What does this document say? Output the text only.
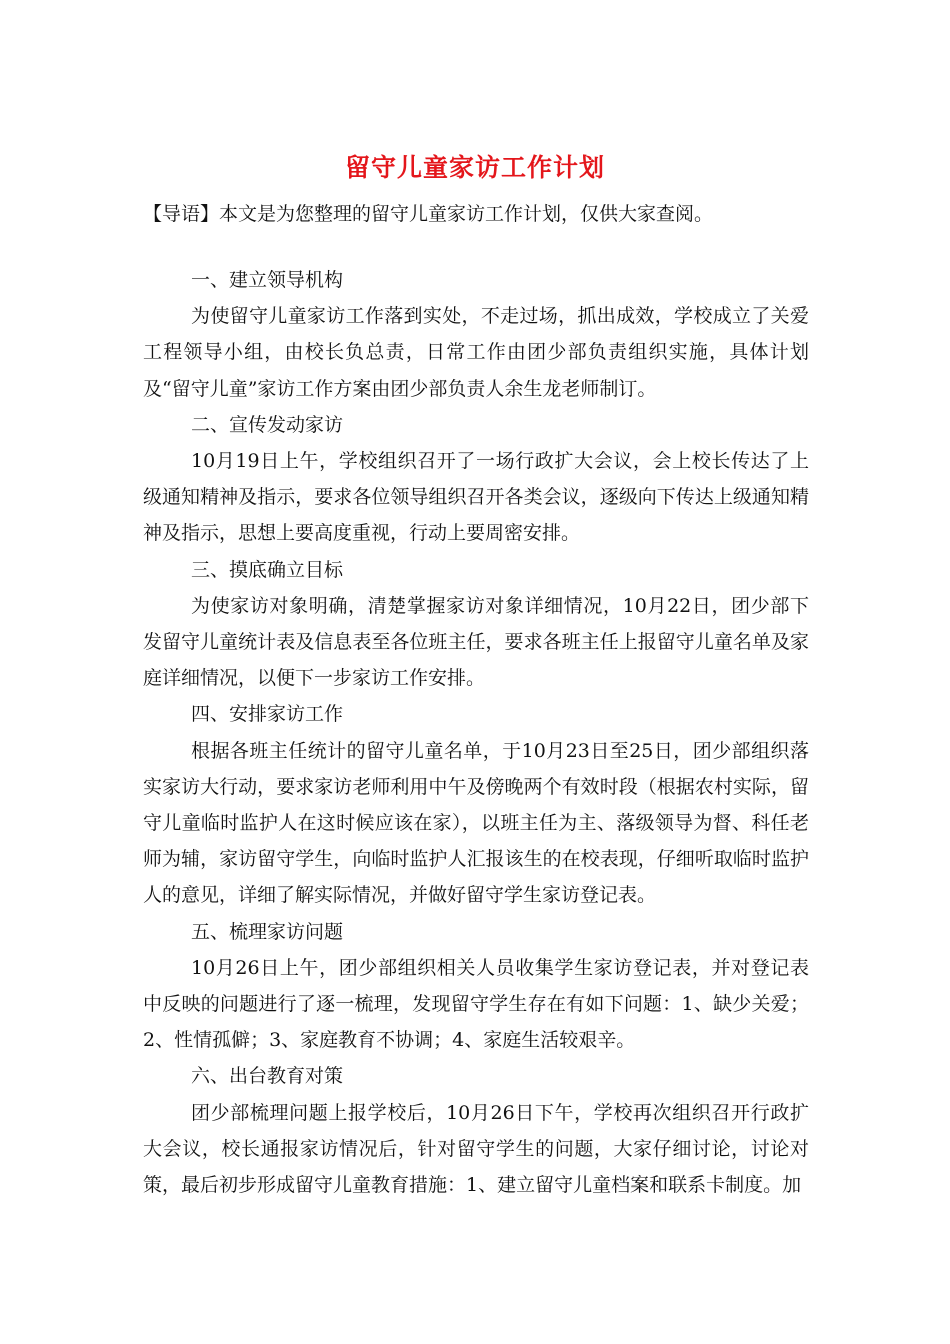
留守儿童家访工作计划
【导语】本文是为您整理的留守儿童家访工作计划，仅供大家查阅。

一、建立领导机构

为使留守儿童家访工作落到实处，不走过场，抓出成效，学校成立了关爱工程领导小组，由校长负总责，日常工作由团少部负责组织实施，具体计划及“留守儿童”家访工作方案由团少部负责人余生龙老师制订。

二、宣传发动家访

10月19日上午，学校组织召开了一场行政扩大会议，会上校长传达了上级通知精神及指示，要求各位领导组织召开各类会议，逐级向下传达上级通知精神及指示，思想上要高度重视，行动上要周密安排。

三、摸底确立目标

为使家访对象明确，清楚掌握家访对象详细情况，10月22日，团少部下发留守儿童统计表及信息表至各位班主任，要求各班主任上报留守儿童名单及家庭详细情况，以便下一步家访工作安排。

四、安排家访工作

根据各班主任统计的留守儿童名单，于10月23日至25日，团少部组织落实家访大行动，要求家访老师利用中午及傍晚两个有效时段（根据农村实际，留守儿童临时监护人在这时候应该在家），以班主任为主、落级领导为督、科任老师为辅，家访留守学生，向临时监护人汇报该生的在校表现，仔细听取临时监护人的意见，详细了解实际情况，并做好留守学生家访登记表。

五、梳理家访问题

10月26日上午，团少部组织相关人员收集学生家访登记表，并对登记表中反映的问题进行了逐一梳理，发现留守学生存在有如下问题：1、缺少关爱；2、性情孤僻；3、家庭教育不协调；4、家庭生活较艰辛。

六、出台教育对策

团少部梳理问题上报学校后，10月26日下午，学校再次组织召开行政扩大会议，校长通报家访情况后，针对留守学生的问题，大家仔细讨论，讨论对策，最后初步形成留守儿童教育措施：1、建立留守儿童档案和联系卡制度。加
